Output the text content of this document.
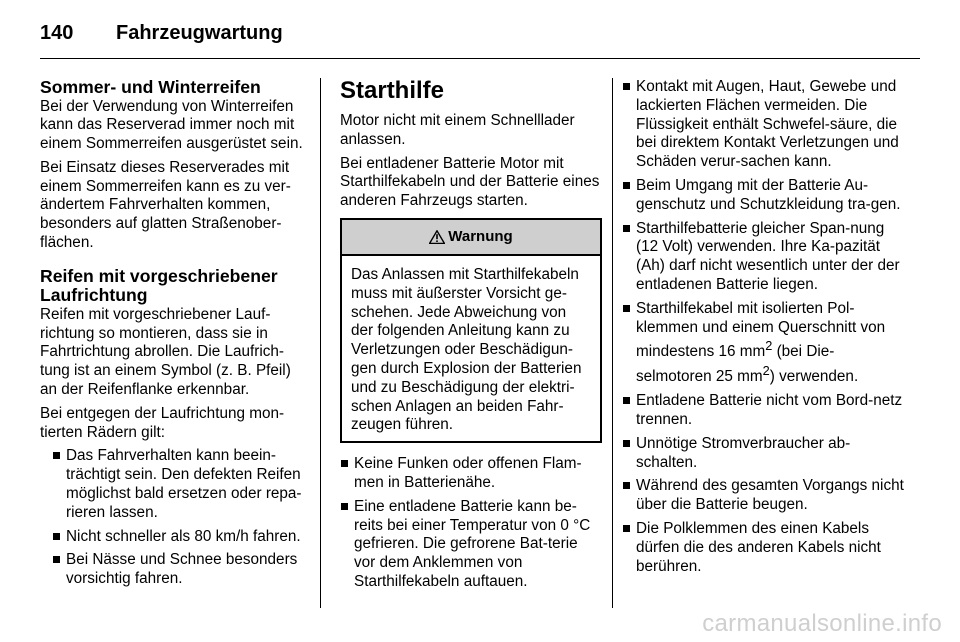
140 Fahrzeugwartung
Sommer- und Winterreifen

Bei der Verwendung von Winterreifen kann das Reserverad immer noch mit einem Sommerreifen ausgerüstet sein.

Bei Einsatz dieses Reserverades mit einem Sommerreifen kann es zu ver-ändertem Fahrverhalten kommen, besonders auf glatten Straßenober-flächen.

Reifen mit vorgeschriebener Laufrichtung

Reifen mit vorgeschriebener Lauf-richtung so montieren, dass sie in Fahrtrichtung abrollen. Die Laufrich-tung ist an einem Symbol (z. B. Pfeil) an der Reifenflanke erkennbar.

Bei entgegen der Laufrichtung mon-tierten Rädern gilt:

Das Fahrverhalten kann beein-trächtigt sein. Den defekten Reifen möglichst bald ersetzen oder repa-rieren lassen.
Nicht schneller als 80 km/h fahren.
Bei Nässe und Schnee besonders vorsichtig fahren.
Starthilfe

Motor nicht mit einem Schnelllader anlassen.

Bei entladener Batterie Motor mit Starthilfekabeln und der Batterie eines anderen Fahrzeugs starten.

Warnung
Das Anlassen mit Starthilfekabeln muss mit äußerster Vorsicht ge-schehen. Jede Abweichung von der folgenden Anleitung kann zu Verletzungen oder Beschädigun-gen durch Explosion der Batterien und zu Beschädigung der elektri-schen Anlagen an beiden Fahr-zeugen führen.
Keine Funken oder offenen Flam-men in Batterienähe.
Eine entladene Batterie kann be-reits bei einer Temperatur von 0 °C gefrieren. Die gefrorene Bat-terie vor dem Anklemmen von Starthilfekabeln auftauen.
Kontakt mit Augen, Haut, Gewebe und lackierten Flächen vermeiden. Die Flüssigkeit enthält Schwefel-säure, die bei direktem Kontakt Verletzungen und Schäden verur-sachen kann.
Beim Umgang mit der Batterie Au-genschutz und Schutzkleidung tra-gen.
Starthilfebatterie gleicher Span-nung (12 Volt) verwenden. Ihre Ka-pazität (Ah) darf nicht wesentlich unter der der entladenen Batterie liegen.
Starthilfekabel mit isolierten Pol-klemmen und einem Querschnitt von mindestens 16 $mm^2$ (bei Die-selmotoren 25 $mm^2$) verwenden.
Entladene Batterie nicht vom Bord-netz trennen.
Unnötige Stromverbraucher ab-schalten.
Während des gesamten Vorgangs nicht über die Batterie beugen.
Die Polklemmen des einen Kabels dürfen die des anderen Kabels nicht berühren.
carmanualsonline.info
